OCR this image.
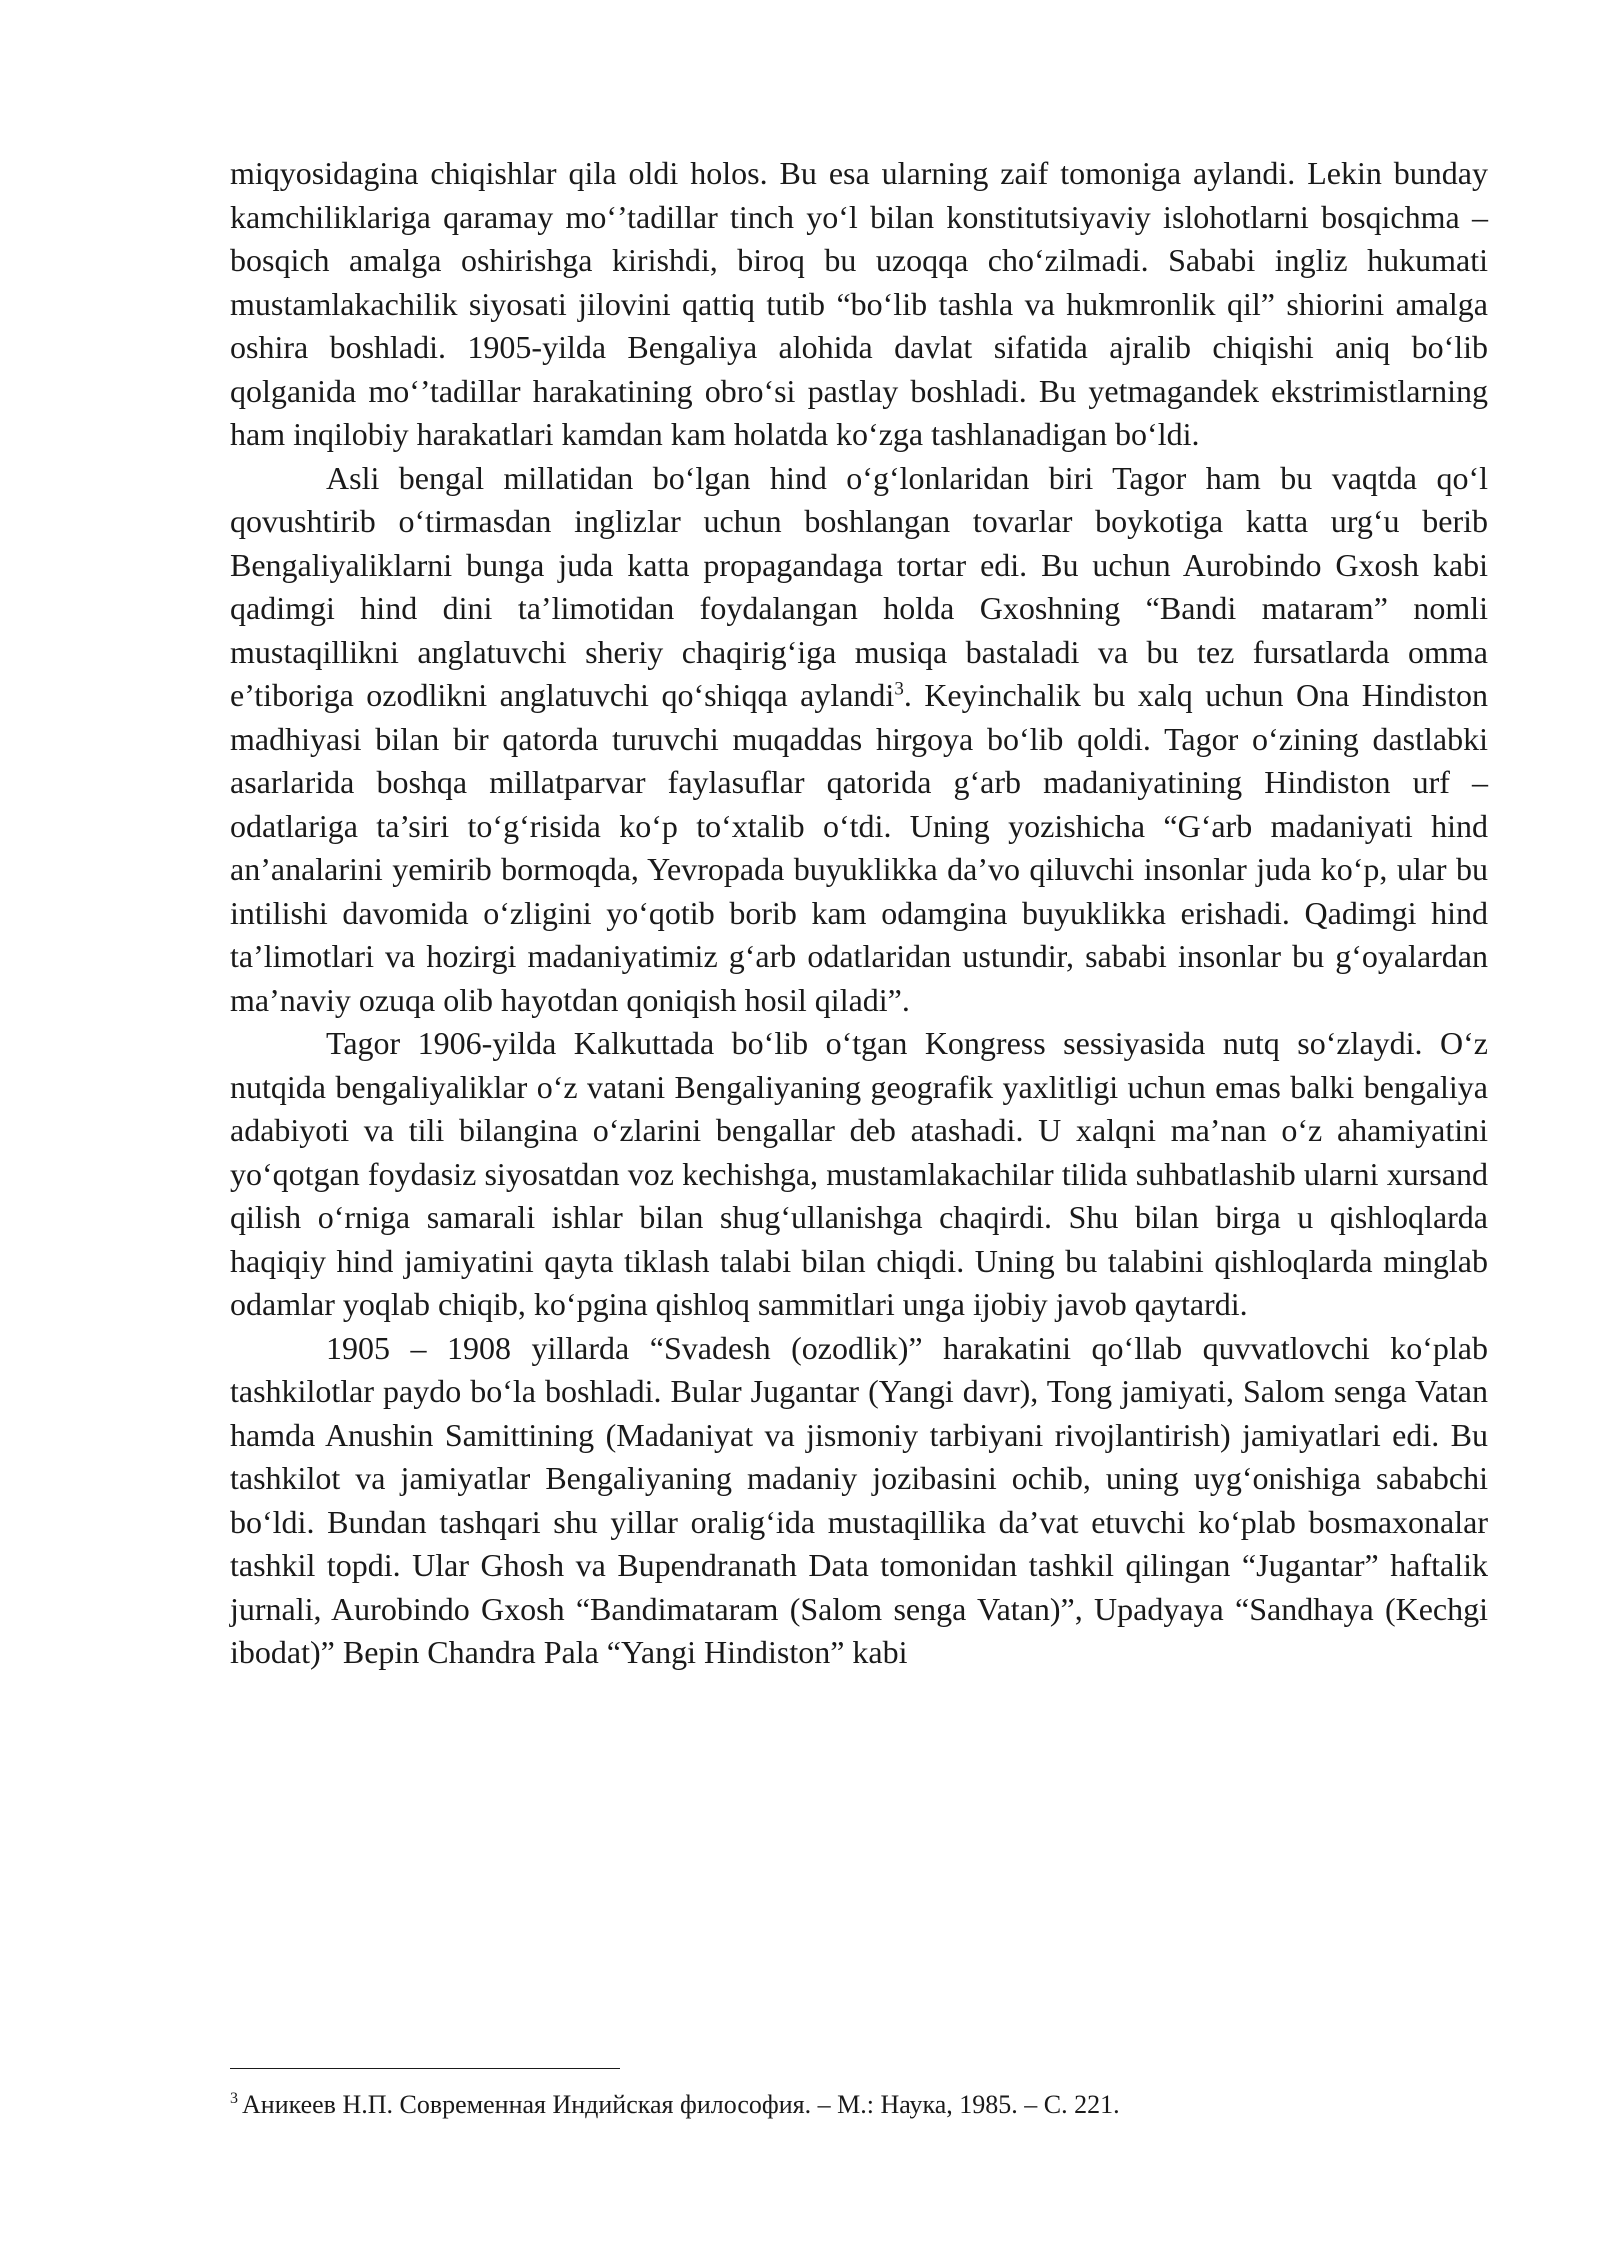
miqyosidagina chiqishlar qila oldi holos. Bu esa ularning zaif tomoniga aylandi. Lekin bunday kamchiliklariga qaramay mo‘’tadillar tinch yo‘l bilan konstitutsiyaviy islohotlarni bosqichma – bosqich amalga oshirishga kirishdi, biroq bu uzoqqa cho‘zilmadi. Sababi ingliz hukumati mustamlakachilik siyosati jilovini qattiq tutib “bo‘lib tashla va hukmronlik qil” shiorini amalga oshira boshladi. 1905-yilda Bengaliya alohida davlat sifatida ajralib chiqishi aniq bo‘lib qolganida mo‘’tadillar harakatining obro‘si pastlay boshladi. Bu yetmagandek ekstrimistlarning ham inqilobiy harakatlari kamdan kam holatda ko‘zga tashlanadigan bo‘ldi.

Asli bengal millatidan bo‘lgan hind o‘g‘lonlaridan biri Tagor ham bu vaqtda qo‘l qovushtirib o‘tirmasdan inglizlar uchun boshlangan tovarlar boykotiga katta urg‘u berib Bengaliyaliklarni bunga juda katta propagandaga tortar edi. Bu uchun Aurobindo Gxosh kabi qadimgi hind dini ta’limotidan foydalangan holda Gxoshning “Bandi mataram” nomli mustaqillikni anglatuvchi sheriy chaqirig‘iga musiqa bastaladi va bu tez fursatlarda omma e’tiboriga ozodlikni anglatuvchi qo‘shiqqa aylandi$^3$. Keyinchalik bu xalq uchun Ona Hindiston madhiyasi bilan bir qatorda turuvchi muqaddas hirgoya bo‘lib qoldi. Tagor o‘zining dastlabki asarlarida boshqa millatparvar faylasuflar qatorida g‘arb madaniyatining Hindiston urf – odatlariga ta’siri to‘g‘risida ko‘p to‘xtalib o‘tdi. Uning yozishicha “G‘arb madaniyati hind an’analarini yemirib bormoqda, Yevropada buyuklikka da’vo qiluvchi insonlar juda ko‘p, ular bu intilishi davomida o‘zligini yo‘qotib borib kam odamgina buyuklikka erishadi. Qadimgi hind ta’limotlari va hozirgi madaniyatimiz g‘arb odatlaridan ustundir, sababi insonlar bu g‘oyalardan ma’naviy ozuqa olib hayotdan qoniqish hosil qiladi”.

Tagor 1906-yilda Kalkuttada bo‘lib o‘tgan Kongress sessiyasida nutq so‘zlaydi. O‘z nutqida bengaliyaliklar o‘z vatani Bengaliyaning geografik yaxlitligi uchun emas balki bengaliya adabiyoti va tili bilangina o‘zlarini bengallar deb atashadi. U xalqni ma’nan o‘z ahamiyatini yo‘qotgan foydasiz siyosatdan voz kechishga, mustamlakachilar tilida suhbatlashib ularni xursand qilish o‘rniga samarali ishlar bilan shug‘ullanishga chaqirdi. Shu bilan birga u qishloqlarda haqiqiy hind jamiyatini qayta tiklash talabi bilan chiqdi. Uning bu talabini qishloqlarda minglab odamlar yoqlab chiqib, ko‘pgina qishloq sammitlari unga ijobiy javob qaytardi.

1905 – 1908 yillarda “Svadesh (ozodlik)” harakatini qo‘llab quvvatlovchi ko‘plab tashkilotlar paydo bo‘la boshladi. Bular Jugantar (Yangi davr), Tong jamiyati, Salom senga Vatan hamda Anushin Samittining (Madaniyat va jismoniy tarbiyani rivojlantirish) jamiyatlari edi. Bu tashkilot va jamiyatlar Bengaliyaning madaniy jozibasini ochib, uning uyg‘onishiga sababchi bo‘ldi. Bundan tashqari shu yillar oralig‘ida mustaqillika da’vat etuvchi ko‘plab bosmaxonalar tashkil topdi. Ular Ghosh va Bupendranath Data tomonidan tashkil qilingan “Jugantar” haftalik jurnali, Aurobindo Gxosh “Bandimataram (Salom senga Vatan)”, Upadyaya “Sandhaya (Kechgi ibodat)” Bepin Chandra Pala “Yangi Hindiston” kabi

$^3$ Аникеев Н.П. Современная Индийская философия. – М.: Наука, 1985. – С. 221.
